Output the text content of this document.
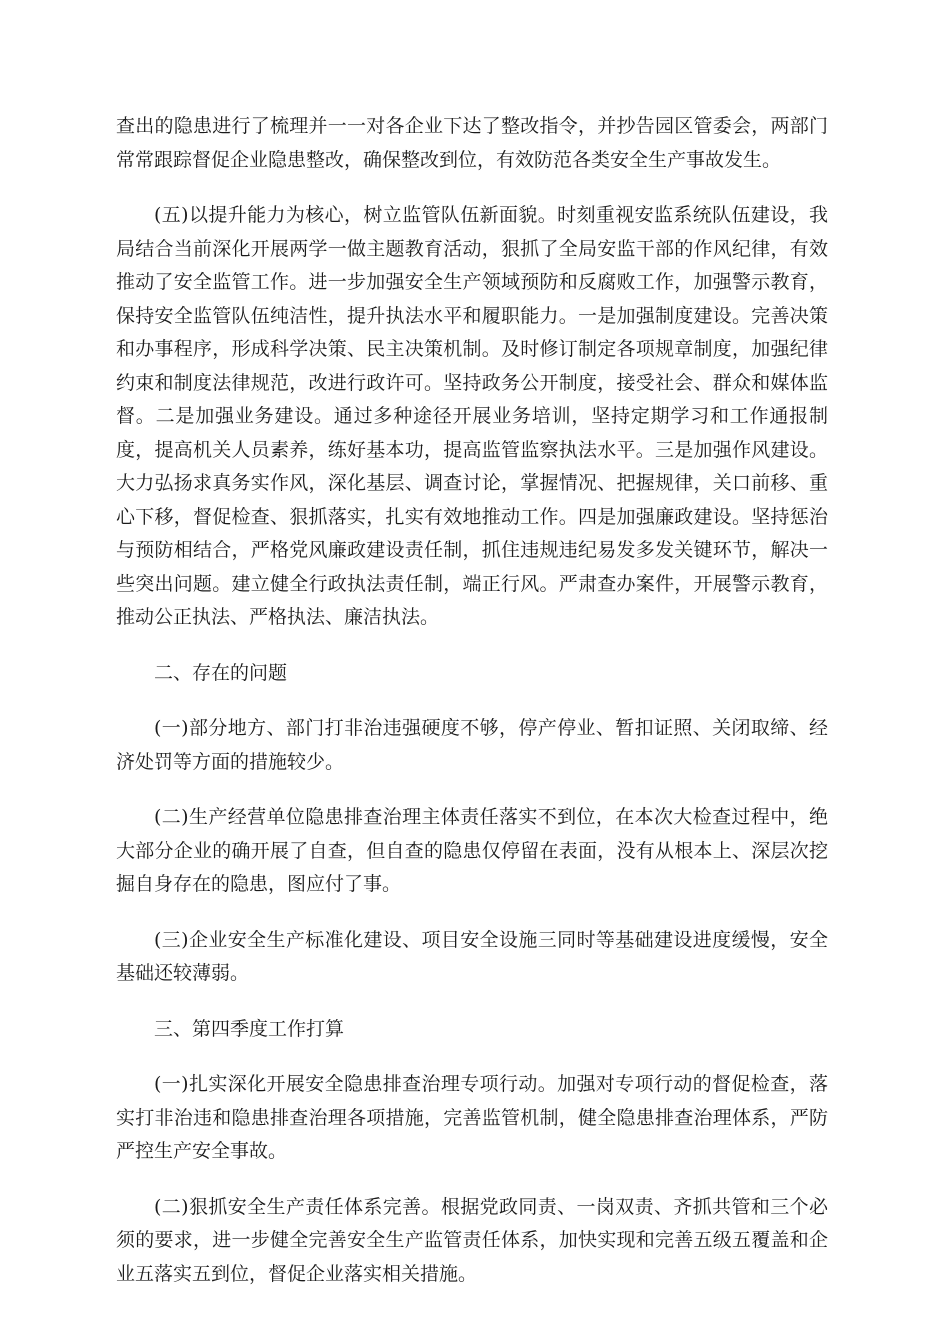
查出的隐患进行了梳理并一一对各企业下达了整改指令，并抄告园区管委会，两部门常常跟踪督促企业隐患整改，确保整改到位，有效防范各类安全生产事故发生。

(五)以提升能力为核心，树立监管队伍新面貌。时刻重视安监系统队伍建设，我局结合当前深化开展两学一做主题教育活动，狠抓了全局安监干部的作风纪律，有效推动了安全监管工作。进一步加强安全生产领域预防和反腐败工作，加强警示教育，保持安全监管队伍纯洁性，提升执法水平和履职能力。一是加强制度建设。完善决策和办事程序，形成科学决策、民主决策机制。及时修订制定各项规章制度，加强纪律约束和制度法律规范，改进行政许可。坚持政务公开制度，接受社会、群众和媒体监督。二是加强业务建设。通过多种途径开展业务培训，坚持定期学习和工作通报制度，提高机关人员素养，练好基本功，提高监管监察执法水平。三是加强作风建设。大力弘扬求真务实作风，深化基层、调查讨论，掌握情况、把握规律，关口前移、重心下移，督促检查、狠抓落实，扎实有效地推动工作。四是加强廉政建设。坚持惩治与预防相结合，严格党风廉政建设责任制，抓住违规违纪易发多发关键环节，解决一些突出问题。建立健全行政执法责任制，端正行风。严肃查办案件，开展警示教育，推动公正执法、严格执法、廉洁执法。

二、存在的问题

(一)部分地方、部门打非治违强硬度不够，停产停业、暂扣证照、关闭取缔、经济处罚等方面的措施较少。

(二)生产经营单位隐患排查治理主体责任落实不到位，在本次大检查过程中，绝大部分企业的确开展了自查，但自查的隐患仅停留在表面，没有从根本上、深层次挖掘自身存在的隐患，图应付了事。

(三)企业安全生产标准化建设、项目安全设施三同时等基础建设进度缓慢，安全基础还较薄弱。

三、第四季度工作打算

(一)扎实深化开展安全隐患排查治理专项行动。加强对专项行动的督促检查，落实打非治违和隐患排查治理各项措施，完善监管机制，健全隐患排查治理体系，严防严控生产安全事故。

(二)狠抓安全生产责任体系完善。根据党政同责、一岗双责、齐抓共管和三个必须的要求，进一步健全完善安全生产监管责任体系，加快实现和完善五级五覆盖和企业五落实五到位，督促企业落实相关措施。
